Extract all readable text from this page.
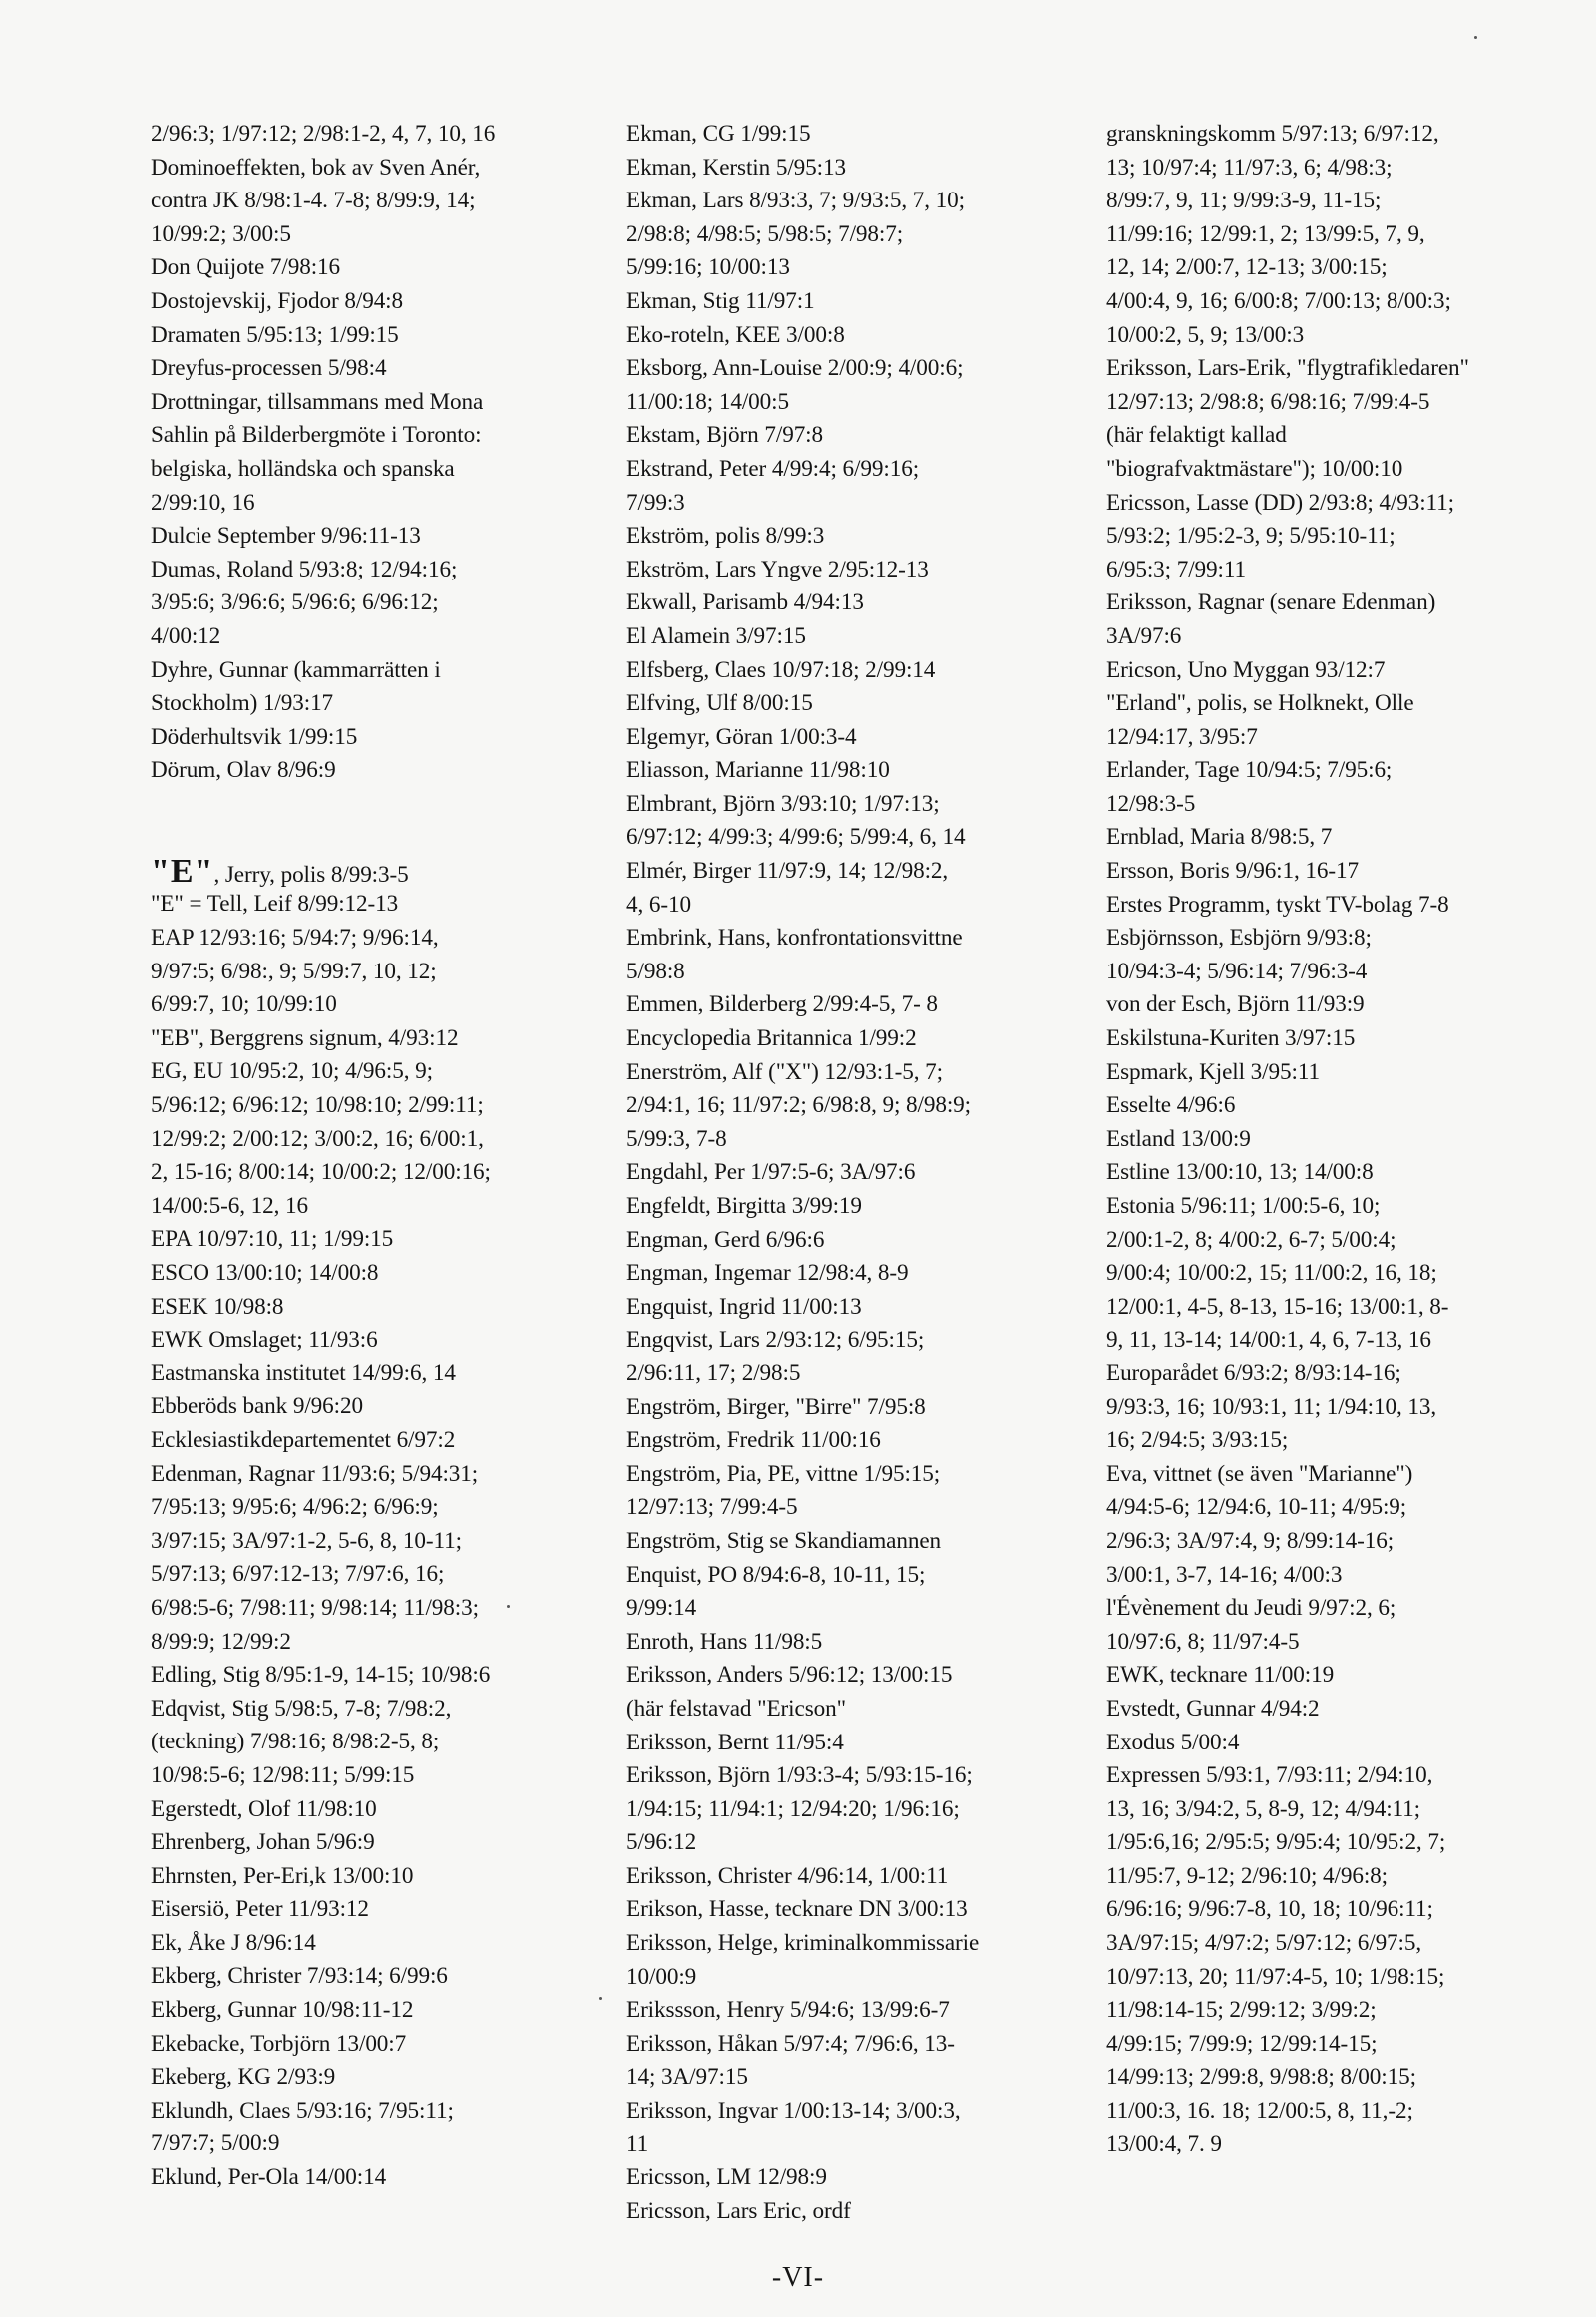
2/96:3; 1/97:12; 2/98:1-2, 4, 7, 10, 16
Dominoeffekten, bok av Sven Anér,
contra JK 8/98:1-4. 7-8; 8/99:9, 14;
10/99:2; 3/00:5
Don Quijote 7/98:16
Dostojevskij, Fjodor 8/94:8
Dramaten 5/95:13; 1/99:15
Dreyfus-processen 5/98:4
Drottningar, tillsammans med Mona
Sahlin på Bilderbergmöte i Toronto:
belgiska, holländska och spanska
2/99:10, 16
Dulcie September 9/96:11-13
Dumas, Roland 5/93:8; 12/94:16;
3/95:6; 3/96:6; 5/96:6; 6/96:12;
4/00:12
Dyhre, Gunnar (kammarrätten i
Stockholm) 1/93:17
Döderhultsvik 1/99:15
Dörum, Olav 8/96:9
"E", Jerry, polis 8/99:3-5
"E" = Tell, Leif 8/99:12-13
EAP 12/93:16; 5/94:7; 9/96:14,
9/97:5; 6/98:, 9; 5/99:7, 10, 12;
6/99:7, 10; 10/99:10
"EB", Berggrens signum, 4/93:12
EG, EU 10/95:2, 10; 4/96:5, 9;
5/96:12; 6/96:12; 10/98:10; 2/99:11;
12/99:2; 2/00:12; 3/00:2, 16; 6/00:1,
2, 15-16; 8/00:14; 10/00:2; 12/00:16;
14/00:5-6, 12, 16
EPA 10/97:10, 11; 1/99:15
ESCO 13/00:10; 14/00:8
ESEK 10/98:8
EWK Omslaget; 11/93:6
Eastmanska institutet 14/99:6, 14
Ebberöds bank 9/96:20
Ecklesiastikdepartementet 6/97:2
Edenman, Ragnar 11/93:6; 5/94:31;
7/95:13; 9/95:6; 4/96:2; 6/96:9;
3/97:15; 3A/97:1-2, 5-6, 8, 10-11;
5/97:13; 6/97:12-13; 7/97:6, 16;
6/98:5-6; 7/98:11; 9/98:14; 11/98:3;
8/99:9; 12/99:2
Edling, Stig 8/95:1-9, 14-15; 10/98:6
Edqvist, Stig 5/98:5, 7-8; 7/98:2,
(teckning) 7/98:16; 8/98:2-5, 8;
10/98:5-6; 12/98:11; 5/99:15
Egerstedt, Olof 11/98:10
Ehrenberg, Johan 5/96:9
Ehrnsten, Per-Eri,k 13/00:10
Eisersiö, Peter 11/93:12
Ek, Åke J 8/96:14
Ekberg, Christer 7/93:14; 6/99:6
Ekberg, Gunnar 10/98:11-12
Ekebacke, Torbjörn 13/00:7
Ekeberg, KG 2/93:9
Eklundh, Claes 5/93:16; 7/95:11;
7/97:7; 5/00:9
Eklund, Per-Ola 14/00:14
Ekman, CG 1/99:15
Ekman, Kerstin 5/95:13
Ekman, Lars 8/93:3, 7; 9/93:5, 7, 10;
2/98:8; 4/98:5; 5/98:5; 7/98:7;
5/99:16; 10/00:13
Ekman, Stig 11/97:1
Eko-roteln, KEE 3/00:8
Eksborg, Ann-Louise 2/00:9; 4/00:6;
11/00:18; 14/00:5
Ekstam, Björn 7/97:8
Ekstrand, Peter 4/99:4; 6/99:16;
7/99:3
Ekström, polis 8/99:3
Ekström, Lars Yngve 2/95:12-13
Ekwall, Parisamb 4/94:13
El Alamein 3/97:15
Elfsberg, Claes 10/97:18; 2/99:14
Elfving, Ulf 8/00:15
Elgemyr, Göran 1/00:3-4
Eliasson, Marianne 11/98:10
Elmbrant, Björn 3/93:10; 1/97:13;
6/97:12; 4/99:3; 4/99:6; 5/99:4, 6, 14
Elmér, Birger 11/97:9, 14; 12/98:2,
4, 6-10
Embrink, Hans, konfrontationsvittne
5/98:8
Emmen, Bilderberg 2/99:4-5, 7- 8
Encyclopedia Britannica 1/99:2
Enerström, Alf ("X") 12/93:1-5, 7;
2/94:1, 16; 11/97:2; 6/98:8, 9; 8/98:9;
5/99:3, 7-8
Engdahl, Per 1/97:5-6; 3A/97:6
Engfeldt, Birgitta 3/99:19
Engman, Gerd 6/96:6
Engman, Ingemar 12/98:4, 8-9
Engquist, Ingrid 11/00:13
Engqvist, Lars 2/93:12; 6/95:15;
2/96:11, 17; 2/98:5
Engström, Birger, "Birre" 7/95:8
Engström, Fredrik 11/00:16
Engström, Pia, PE, vittne 1/95:15;
12/97:13; 7/99:4-5
Engström, Stig se Skandiamannen
Enquist, PO 8/94:6-8, 10-11, 15;
9/99:14
Enroth, Hans 11/98:5
Eriksson, Anders 5/96:12; 13/00:15
(här felstavad "Ericson"
Eriksson, Bernt 11/95:4
Eriksson, Björn 1/93:3-4; 5/93:15-16;
1/94:15; 11/94:1; 12/94:20; 1/96:16;
5/96:12
Eriksson, Christer 4/96:14, 1/00:11
Erikson, Hasse, tecknare DN 3/00:13
Eriksson, Helge, kriminalkommissarie
10/00:9
Erikssson, Henry 5/94:6; 13/99:6-7
Eriksson, Håkan 5/97:4; 7/96:6, 13-
14; 3A/97:15
Eriksson, Ingvar 1/00:13-14; 3/00:3,
11
Ericsson, LM 12/98:9
Ericsson, Lars Eric, ordf
granskningskomm 5/97:13; 6/97:12,
13; 10/97:4; 11/97:3, 6; 4/98:3;
8/99:7, 9, 11; 9/99:3-9, 11-15;
11/99:16; 12/99:1, 2; 13/99:5, 7, 9,
12, 14; 2/00:7, 12-13; 3/00:15;
4/00:4, 9, 16; 6/00:8; 7/00:13; 8/00:3;
10/00:2, 5, 9; 13/00:3
Eriksson, Lars-Erik, "flygtrafikledaren"
12/97:13; 2/98:8; 6/98:16; 7/99:4-5
(här felaktigt kallad
"biografvaktmästare"); 10/00:10
Ericsson, Lasse (DD) 2/93:8; 4/93:11;
5/93:2; 1/95:2-3, 9; 5/95:10-11;
6/95:3; 7/99:11
Eriksson, Ragnar (senare Edenman)
3A/97:6
Ericson, Uno Myggan 93/12:7
"Erland", polis, se Holknekt, Olle
12/94:17, 3/95:7
Erlander, Tage 10/94:5; 7/95:6;
12/98:3-5
Ernblad, Maria 8/98:5, 7
Ersson, Boris 9/96:1, 16-17
Erstes Programm, tyskt TV-bolag 7-8
Esbjörnsson, Esbjörn 9/93:8;
10/94:3-4; 5/96:14; 7/96:3-4
von der Esch, Björn 11/93:9
Eskilstuna-Kuriten 3/97:15
Espmark, Kjell 3/95:11
Esselte 4/96:6
Estland 13/00:9
Estline 13/00:10, 13; 14/00:8
Estonia 5/96:11; 1/00:5-6, 10;
2/00:1-2, 8; 4/00:2, 6-7; 5/00:4;
9/00:4; 10/00:2, 15; 11/00:2, 16, 18;
12/00:1, 4-5, 8-13, 15-16; 13/00:1, 8-
9, 11, 13-14; 14/00:1, 4, 6, 7-13, 16
Europarådet 6/93:2; 8/93:14-16;
9/93:3, 16; 10/93:1, 11; 1/94:10, 13,
16; 2/94:5; 3/93:15;
Eva, vittnet (se även "Marianne")
4/94:5-6; 12/94:6, 10-11; 4/95:9;
2/96:3; 3A/97:4, 9; 8/99:14-16;
3/00:1, 3-7, 14-16; 4/00:3
l'Évènement du Jeudi 9/97:2, 6;
10/97:6, 8; 11/97:4-5
EWK, tecknare 11/00:19
Evstedt, Gunnar 4/94:2
Exodus 5/00:4
Expressen 5/93:1, 7/93:11; 2/94:10,
13, 16; 3/94:2, 5, 8-9, 12; 4/94:11;
1/95:6,16; 2/95:5; 9/95:4; 10/95:2, 7;
11/95:7, 9-12; 2/96:10; 4/96:8;
6/96:16; 9/96:7-8, 10, 18; 10/96:11;
3A/97:15; 4/97:2; 5/97:12; 6/97:5,
10/97:13, 20; 11/97:4-5, 10; 1/98:15;
11/98:14-15; 2/99:12; 3/99:2;
4/99:15; 7/99:9; 12/99:14-15;
14/99:13; 2/99:8, 9/98:8; 8/00:15;
11/00:3, 16. 18; 12/00:5, 8, 11,-2;
13/00:4, 7. 9
-VI-
